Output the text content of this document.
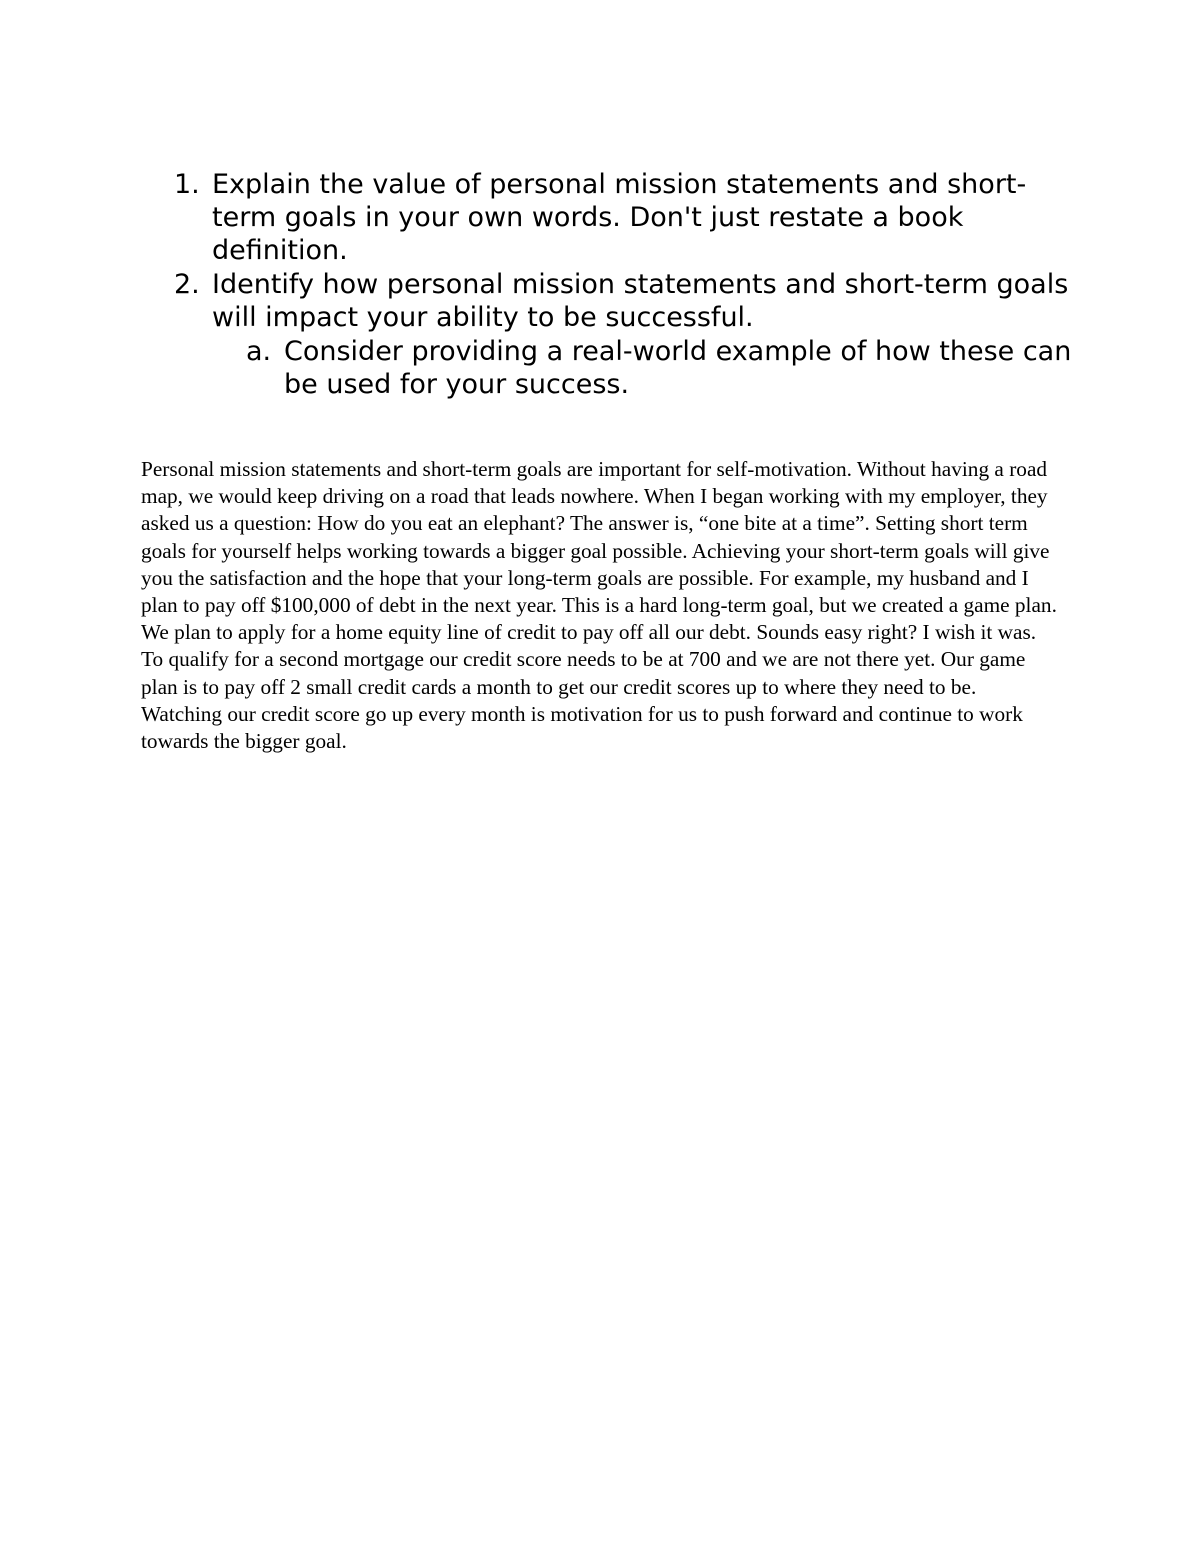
1. Explain the value of personal mission statements and short-term goals in your own words. Don't just restate a book definition.
2. Identify how personal mission statements and short-term goals will impact your ability to be successful.
a. Consider providing a real-world example of how these can be used for your success.

Personal mission statements and short-term goals are important for self-motivation. Without having a road map, we would keep driving on a road that leads nowhere. When I began working with my employer, they asked us a question: How do you eat an elephant? The answer is, “one bite at a time”. Setting short term goals for yourself helps working towards a bigger goal possible. Achieving your short-term goals will give you the satisfaction and the hope that your long-term goals are possible. For example, my husband and I plan to pay off $100,000 of debt in the next year. This is a hard long-term goal, but we created a game plan. We plan to apply for a home equity line of credit to pay off all our debt. Sounds easy right? I wish it was. To qualify for a second mortgage our credit score needs to be at 700 and we are not there yet. Our game plan is to pay off 2 small credit cards a month to get our credit scores up to where they need to be. Watching our credit score go up every month is motivation for us to push forward and continue to work towards the bigger goal.
